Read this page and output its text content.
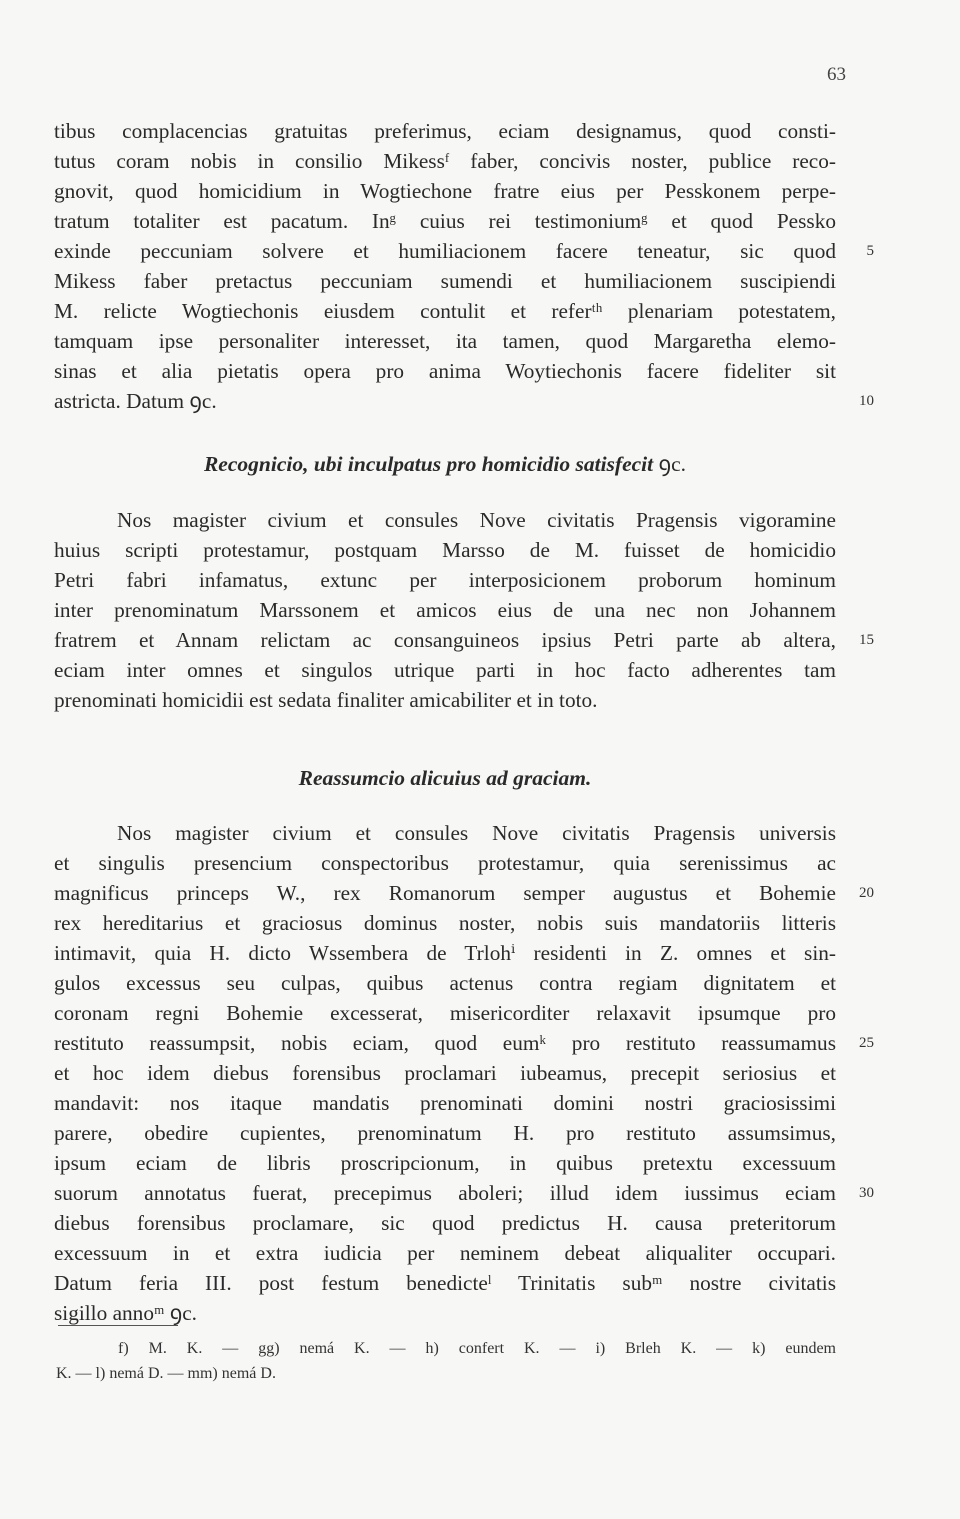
63
tibus complacencias gratuitas preferimus, eciam designamus, quod consti-
tutus coram nobis in consilio Mikessᶠ faber, concivis noster, publice reco-
gnovit, quod homicidium in Wogtiechone fratre eius per Pesskonem perpe-
tratum totaliter est pacatum. Inᵍ cuius rei testimoniumᵍ et quod Pessko
exinde peccuniam solvere et humiliacionem facere teneatur, sic quod
Mikess faber pretactus peccuniam sumendi et humiliacionem suscipiendi
M. relicte Wogtiechonis eiusdem contulit et referᵗʰ plenariam potestatem,
tamquam ipse personaliter interesset, ita tamen, quod Margaretha elemo-
sinas et alia pietatis opera pro anima Woytiechonis facere fideliter sit
astricta. Datum ꝯc.
Recognicio, ubi inculpatus pro homicidio satisfecit ꝯc.
Nos magister civium et consules Nove civitatis Pragensis vigoramine
huius scripti protestamur, postquam Marsso de M. fuisset de homicidio
Petri fabri infamatus, extunc per interposicionem proborum hominum
inter prenominatum Marssonem et amicos eius de una nec non Johannem
fratrem et Annam relictam ac consanguineos ipsius Petri parte ab altera,
eciam inter omnes et singulos utrique parti in hoc facto adherentes tam
prenominati homicidii est sedata finaliter amicabiliter et in toto.
Reassumcio alicuius ad graciam.
Nos magister civium et consules Nove civitatis Pragensis universis
et singulis presencium conspectoribus protestamur, quia serenissimus ac
magnificus princeps W., rex Romanorum semper augustus et Bohemie
rex hereditarius et graciosus dominus noster, nobis suis mandatoriis litteris
intimavit, quia H. dicto Wssembera de Trlohⁱ residenti in Z. omnes et sin-
gulos excessus seu culpas, quibus actenus contra regiam dignitatem et
coronam regni Bohemie excesserat, misericorditer relaxavit ipsumque pro
restituto reassumpsit, nobis eciam, quod eumᵏ pro restituto reassumamus
et hoc idem diebus forensibus proclamari iubeamus, precepit seriosius et
mandavit: nos itaque mandatis prenominati domini nostri graciosissimi
parere, obedire cupientes, prenominatum H. pro restituto assumsimus,
ipsum eciam de libris proscripcionum, in quibus pretextu excessuum
suorum annotatus fuerat, precepimus aboleri; illud idem iussimus eciam
diebus forensibus proclamare, sic quod predictus H. causa preteritorum
excessuum in et extra iudicia per neminem debeat aliqualiter occupari.
Datum feria III. post festum benedicteˡ Trinitatis subᵐ nostre civitatis
sigillo annoᵐ ꝯc.
5
10
15
20
25
30
f) M. K. — gg) nemá K. — h) confert K. — i) Brleh K. — k) eundem
K. — l) nemá D. — mm) nemá D.
